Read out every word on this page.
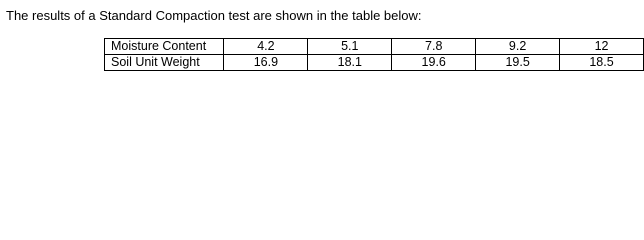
The results of a Standard Compaction test are shown in the table below:
Moisture Content	4.2	5.1	7.8	9.2	12
Soil Unit Weight	16.9	18.1	19.6	19.5	18.5
